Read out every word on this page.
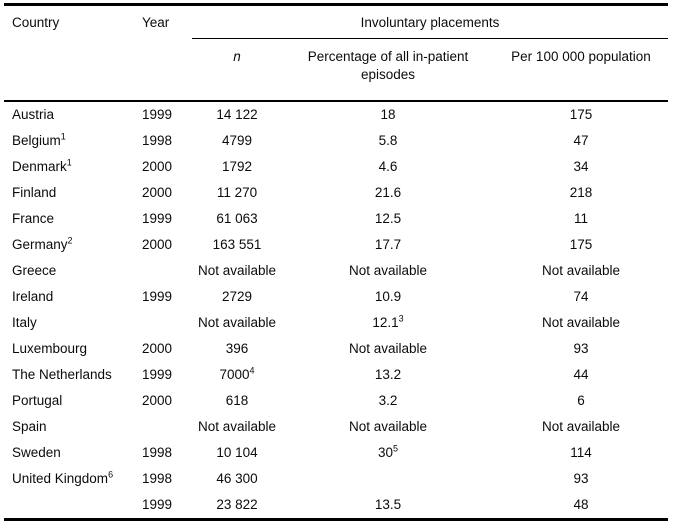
Country	Year	Involuntary placements		
		n	Percentage of all in-patient episodes	Per 100 000 population
Austria	1999	14 122	18	175
Belgium$^1$	1998	4799	5.8	47
Denmark$^1$	2000	1792	4.6	34
Finland	2000	11 270	21.6	218
France	1999	61 063	12.5	11
Germany$^2$	2000	163 551	17.7	175
Greece		Not available	Not available	Not available
Ireland	1999	2729	10.9	74
Italy		Not available	12.1$^3$	Not available
Luxembourg	2000	396	Not available	93
The Netherlands	1999	7000$^4$	13.2	44
Portugal	2000	618	3.2	6
Spain		Not available	Not available	Not available
Sweden	1998	10 104	$30^5$	114
United Kingdom$^6$	1998	46 300		93
	1999	23 822	13.5	48
